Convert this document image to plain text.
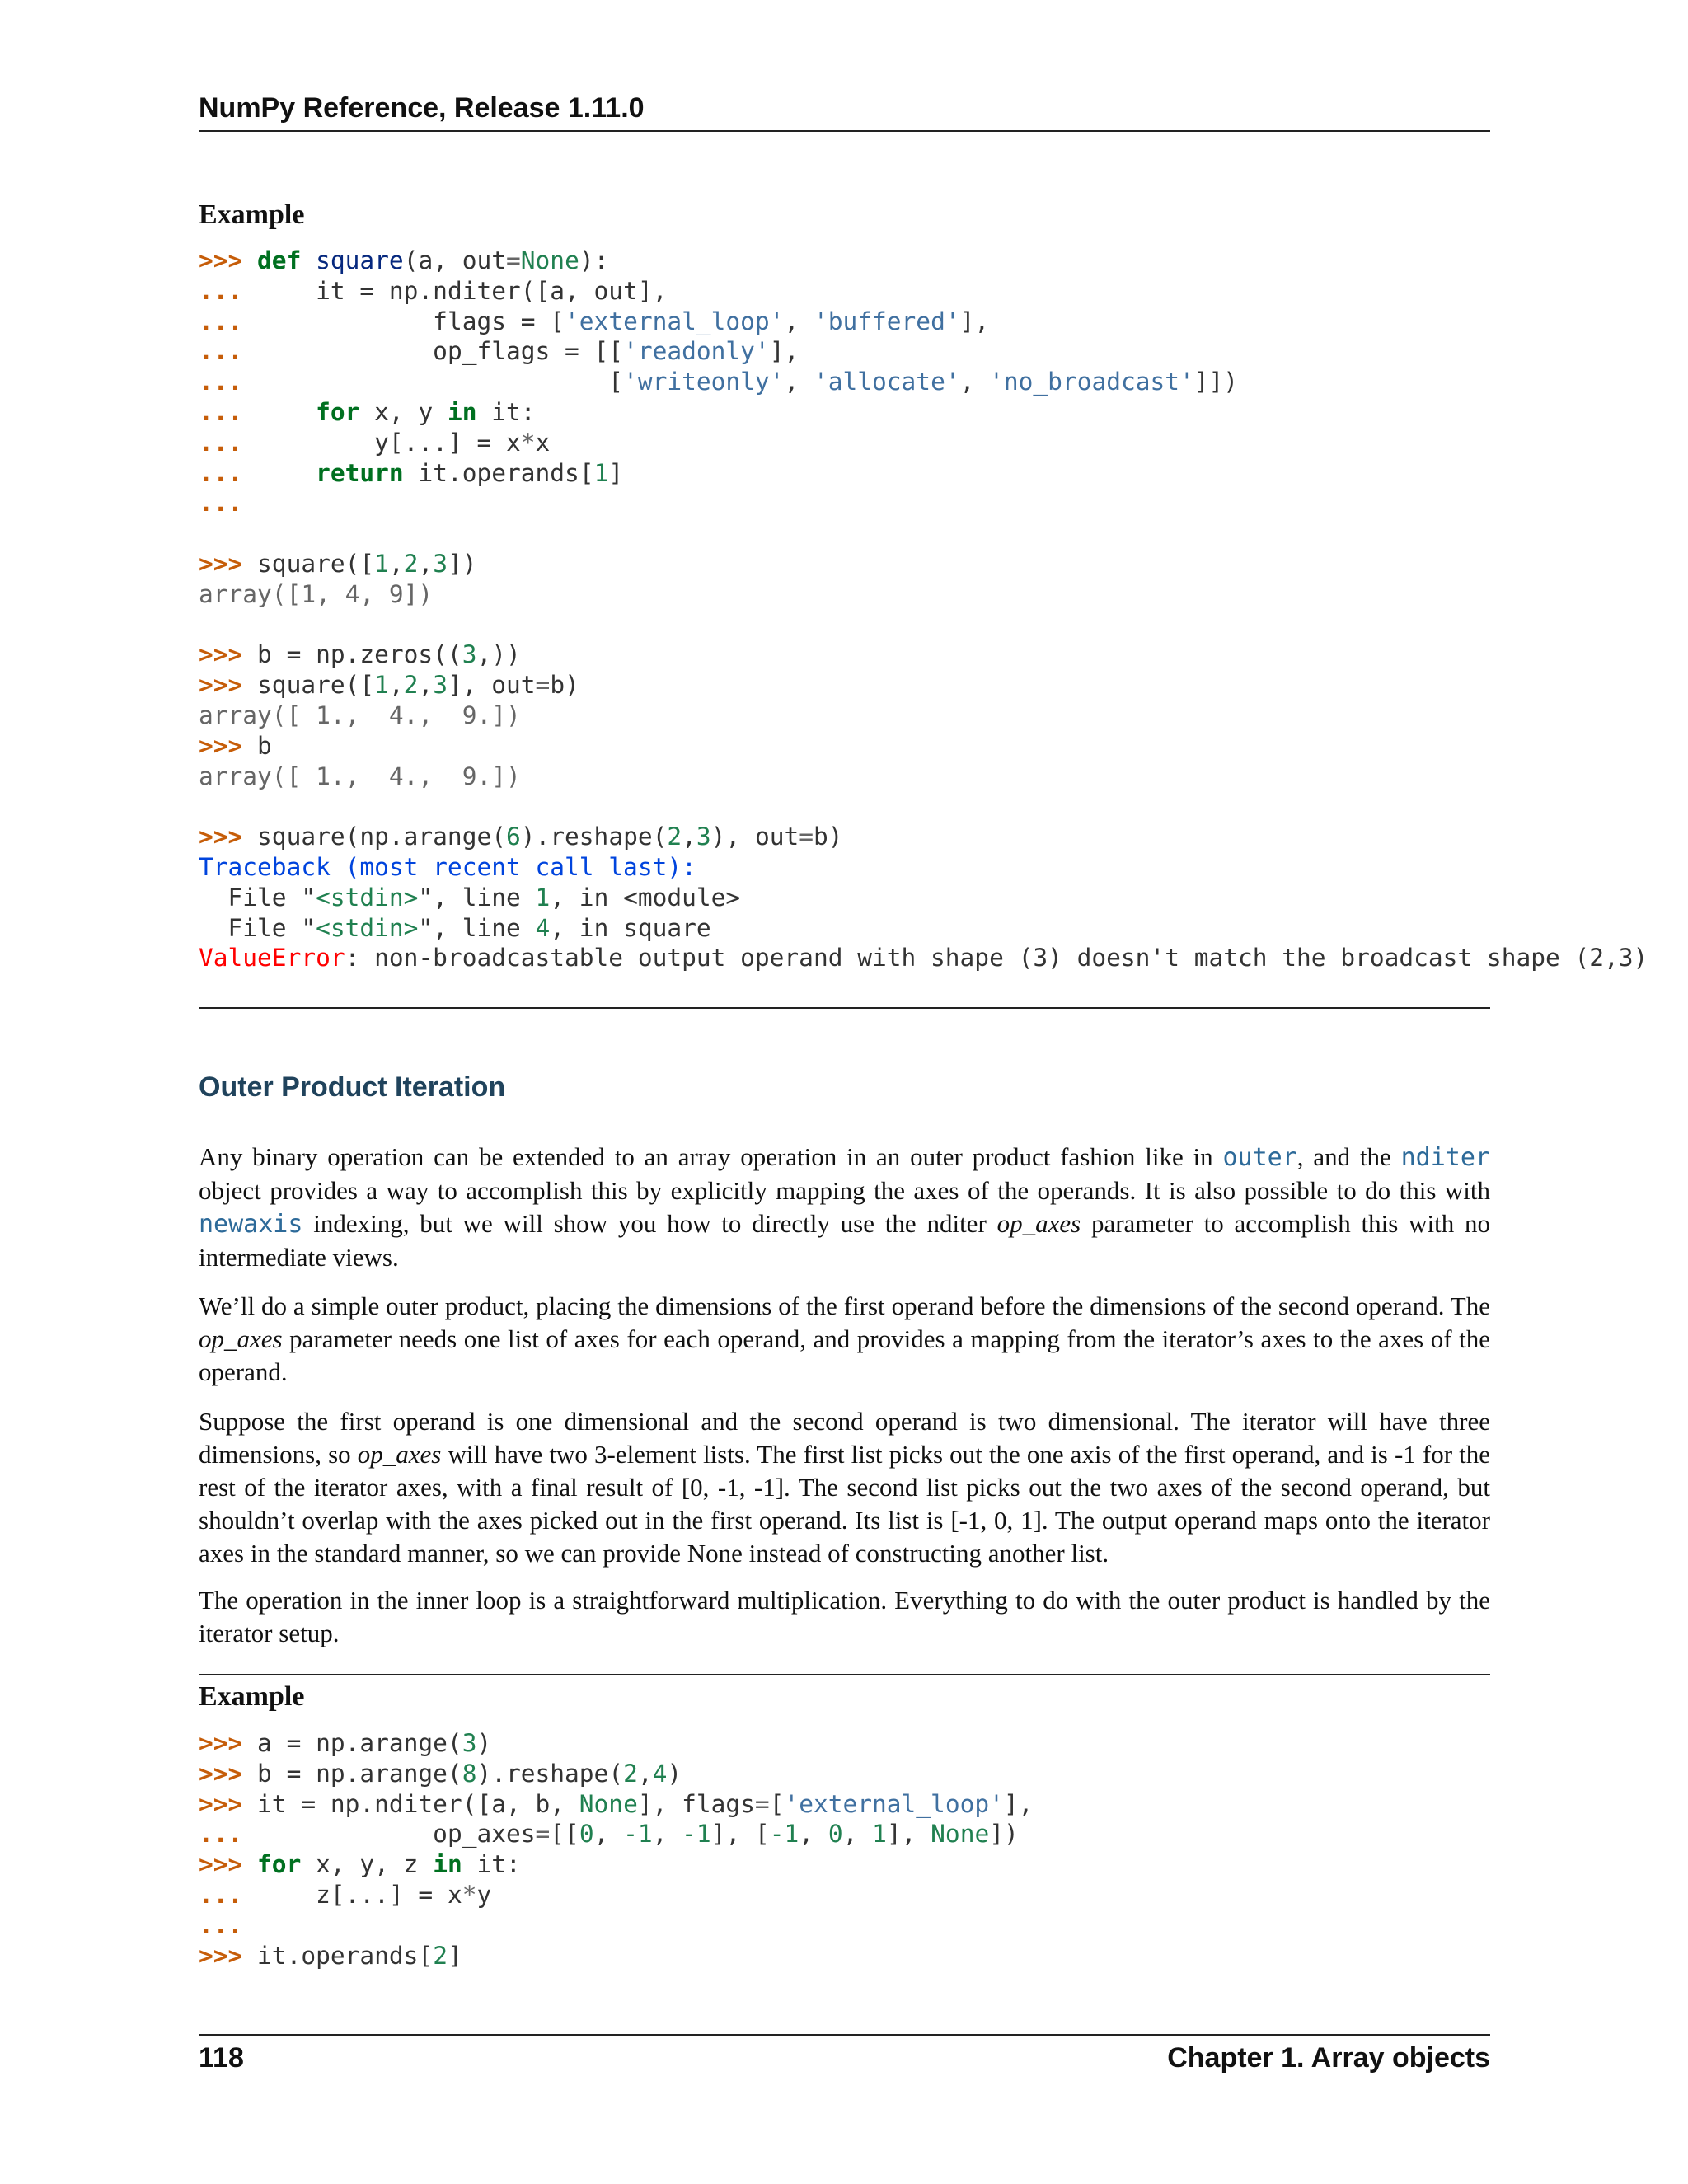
NumPy Reference, Release 1.11.0
Example
>>> def square(a, out=None):
...     it = np.nditer([a, out],
...             flags = ['external_loop', 'buffered'],
...             op_flags = [['readonly'],
...                         ['writeonly', 'allocate', 'no_broadcast']])
...	for x, y in it:
...         y[...] = x*x
...	return it.operands[1]
...
>>> square([1,2,3])
array([1, 4, 9])
>>> b = np.zeros((3,))
>>> square([1,2,3], out=b)
array([ 1.,  4.,  9.])
>>> b
array([ 1.,  4.,  9.])
>>> square(np.arange(6).reshape(2,3), out=b)
Traceback (most recent call last):
File "<stdin>", line 1, in <module>
File "<stdin>", line 4, in square
ValueError: non-broadcastable output operand with shape (3) doesn't match the broadcast shape (2,3)
Outer Product Iteration

Any binary operation can be extended to an array operation in an outer product fashion like in outer, and the nditer object provides a way to accomplish this by explicitly mapping the axes of the operands. It is also possible to do this with newaxis indexing, but we will show you how to directly use the nditer op_axes parameter to accomplish this with no intermediate views.

We’ll do a simple outer product, placing the dimensions of the first operand before the dimensions of the second operand. The op_axes parameter needs one list of axes for each operand, and provides a mapping from the iterator’s axes to the axes of the operand.

Suppose the first operand is one dimensional and the second operand is two dimensional. The iterator will have three dimensions, so op_axes will have two 3-element lists. The first list picks out the one axis of the first operand, and is -1 for the rest of the iterator axes, with a final result of [0, -1, -1]. The second list picks out the two axes of the second operand, but shouldn’t overlap with the axes picked out in the first operand. Its list is [-1, 0, 1]. The output operand maps onto the iterator axes in the standard manner, so we can provide None instead of constructing another list.

The operation in the inner loop is a straightforward multiplication. Everything to do with the outer product is handled by the iterator setup.

Example
>>> a = np.arange(3)
>>> b = np.arange(8).reshape(2,4)
>>> it = np.nditer([a, b, None], flags=['external_loop'],
...             op_axes=[[0, -1, -1], [-1, 0, 1], None])
>>> for x, y, z in it:
...     z[...] = x*y
...
>>> it.operands[2]
118	Chapter 1. Array objects
